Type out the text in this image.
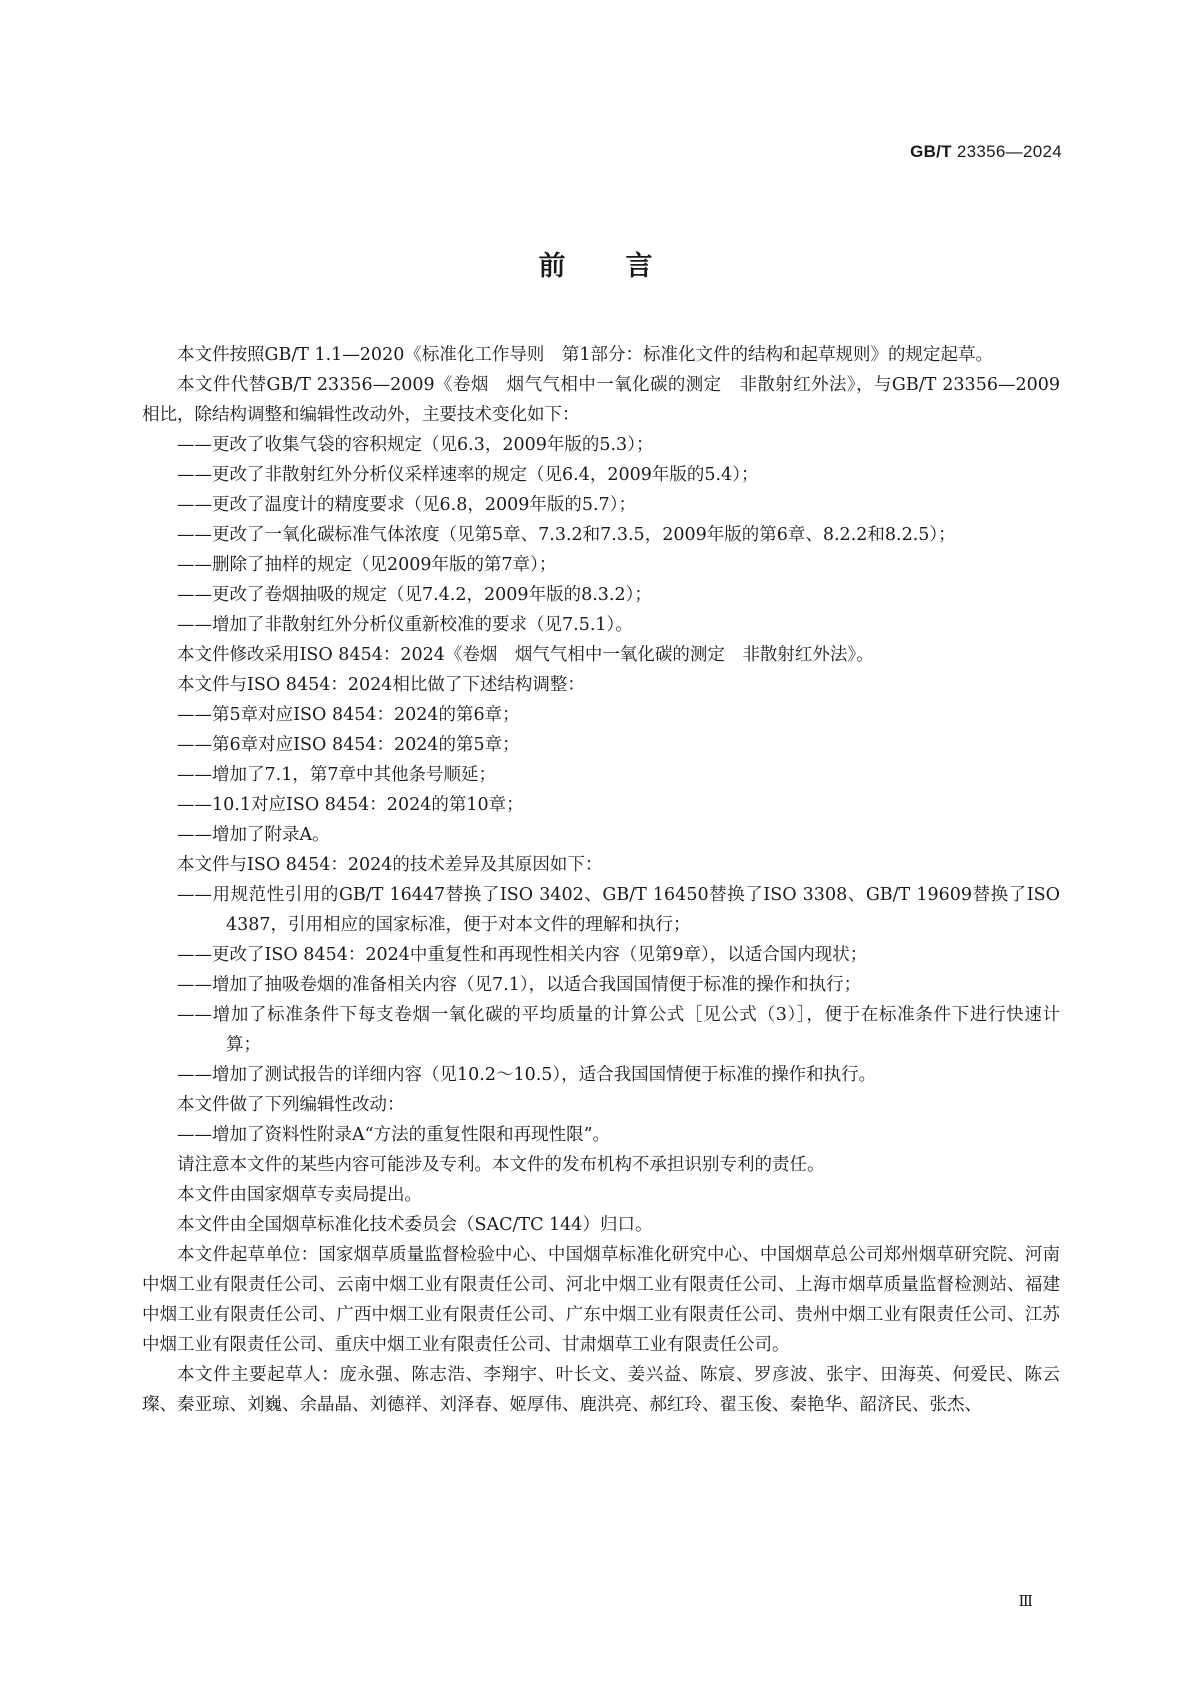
GB/T 23356—2024
前言

本文件按照GB/T 1.1—2020《标准化工作导则　第1部分：标准化文件的结构和起草规则》的规定起草。

本文件代替GB/T 23356—2009《卷烟　烟气气相中一氧化碳的测定　非散射红外法》，与GB/T 23356—2009相比，除结构调整和编辑性改动外，主要技术变化如下：

——更改了收集气袋的容积规定（见6.3，2009年版的5.3）；

——更改了非散射红外分析仪采样速率的规定（见6.4，2009年版的5.4）；

——更改了温度计的精度要求（见6.8，2009年版的5.7）；

——更改了一氧化碳标准气体浓度（见第5章、7.3.2和7.3.5，2009年版的第6章、8.2.2和8.2.5）；

——删除了抽样的规定（见2009年版的第7章）；

——更改了卷烟抽吸的规定（见7.4.2，2009年版的8.3.2）；

——增加了非散射红外分析仪重新校准的要求（见7.5.1）。

本文件修改采用ISO 8454：2024《卷烟　烟气气相中一氧化碳的测定　非散射红外法》。

本文件与ISO 8454：2024相比做了下述结构调整：

——第5章对应ISO 8454：2024的第6章；

——第6章对应ISO 8454：2024的第5章；

——增加了7.1，第7章中其他条号顺延；

——10.1对应ISO 8454：2024的第10章；

——增加了附录A。

本文件与ISO 8454：2024的技术差异及其原因如下：

——用规范性引用的GB/T 16447替换了ISO 3402、GB/T 16450替换了ISO 3308、GB/T 19609替换了ISO 4387，引用相应的国家标准，便于对本文件的理解和执行；

——更改了ISO 8454：2024中重复性和再现性相关内容（见第9章），以适合国内现状；

——增加了抽吸卷烟的准备相关内容（见7.1），以适合我国国情便于标准的操作和执行；

——增加了标准条件下每支卷烟一氧化碳的平均质量的计算公式［见公式（3）］，便于在标准条件下进行快速计算；

——增加了测试报告的详细内容（见10.2～10.5），适合我国国情便于标准的操作和执行。

本文件做了下列编辑性改动：

——增加了资料性附录A“方法的重复性限和再现性限”。

请注意本文件的某些内容可能涉及专利。本文件的发布机构不承担识别专利的责任。

本文件由国家烟草专卖局提出。

本文件由全国烟草标准化技术委员会（SAC/TC 144）归口。

本文件起草单位：国家烟草质量监督检验中心、中国烟草标准化研究中心、中国烟草总公司郑州烟草研究院、河南中烟工业有限责任公司、云南中烟工业有限责任公司、河北中烟工业有限责任公司、上海市烟草质量监督检测站、福建中烟工业有限责任公司、广西中烟工业有限责任公司、广东中烟工业有限责任公司、贵州中烟工业有限责任公司、江苏中烟工业有限责任公司、重庆中烟工业有限责任公司、甘肃烟草工业有限责任公司。

本文件主要起草人：庞永强、陈志浩、李翔宇、叶长文、姜兴益、陈宸、罗彦波、张宇、田海英、何爱民、陈云璨、秦亚琼、刘巍、余晶晶、刘德祥、刘泽春、姬厚伟、鹿洪亮、郝红玲、翟玉俊、秦艳华、韶济民、张杰、

Ⅲ
